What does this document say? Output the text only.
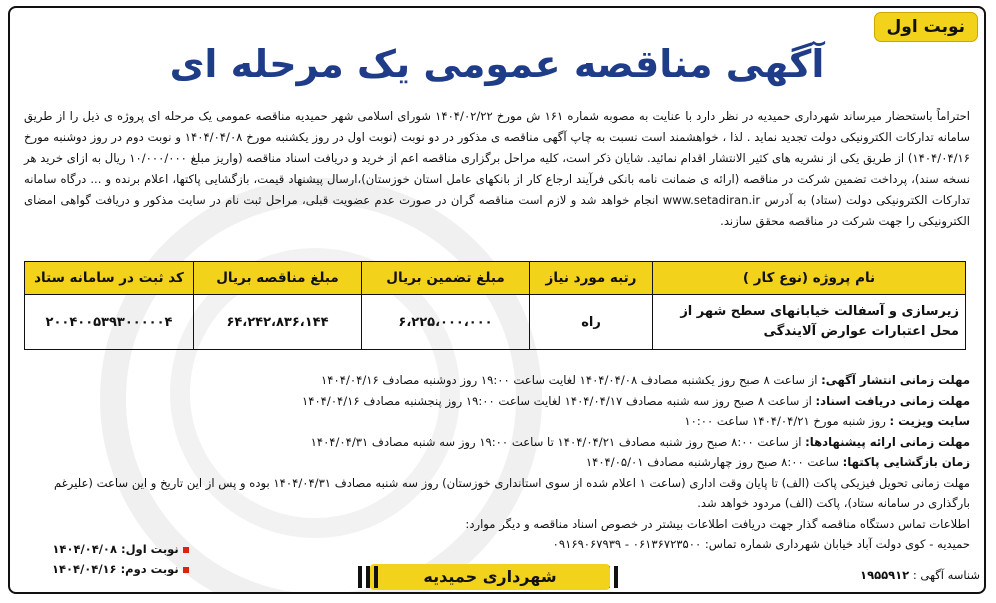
نوبت اول
آگهی مناقصه عمومی یک مرحله ای
احتراماً باستحضار میرساند شهرداری حمیدیه در نظر دارد با عنایت به مصوبه شماره ۱۶۱ ش مورخ ۱۴۰۴/۰۲/۲۲ شورای اسلامی شهر حمیدیه مناقصه عمومی یک مرحله ای پروژه ی ذیل را از طریق سامانه تدارکات الکترونیکی دولت تجدید نماید . لذا ، خواهشمند است نسبت به چاپ آگهی مناقصه ی مذکور در دو نوبت (نوبت اول در روز یکشنبه مورخ ۱۴۰۴/۰۴/۰۸ و نوبت دوم در روز دوشنبه مورخ ۱۴۰۴/۰۴/۱۶) از طریق یکی از نشریه های کثیر الانتشار اقدام نمائید. شایان ذکر است، کلیه مراحل برگزاری مناقصه اعم از خرید و دریافت اسناد مناقصه (واریز مبلغ ۱۰/۰۰۰/۰۰۰ ریال به ازای خرید هر نسخه سند)، پرداخت تضمین شرکت در مناقصه (ارائه ی ضمانت نامه بانکی فرآیند ارجاع کار از بانکهای عامل استان خوزستان)،ارسال پیشنهاد قیمت، بازگشایی پاکتها، اعلام برنده و ... درگاه سامانه تدارکات الکترونیکی دولت (ستاد) به آدرس www.setadiran.ir انجام خواهد شد و لازم است مناقصه گران در صورت عدم عضویت قبلی، مراحل ثبت نام در سایت مذکور و دریافت گواهی امضای الکترونیکی را جهت شرکت در مناقصه محقق سازند.
نام پروژه (نوع کار )	رتبه مورد نیاز	مبلغ تضمین بریال	مبلغ مناقصه بریال	کد ثبت در سامانه ستاد
زیرسازی و آسفالت خیابانهای سطح شهر از محل اعتبارات عوارض آلایندگی	راه	۶،۲۲۵،۰۰۰،۰۰۰	۶۴،۲۴۲،۸۳۶،۱۴۴	۲۰۰۴۰۰۵۳۹۳۰۰۰۰۰۴
مهلت زمانی انتشار آگهی: از ساعت ۸ صبح روز یکشنبه مصادف ۱۴۰۴/۰۴/۰۸ لغایت ساعت ۱۹:۰۰ روز دوشنبه مصادف ۱۴۰۴/۰۴/۱۶
مهلت زمانی دریافت اسناد: از ساعت ۸ صبح روز سه شنبه مصادف ۱۴۰۴/۰۴/۱۷ لغایت ساعت ۱۹:۰۰ روز پنجشنبه مصادف ۱۴۰۴/۰۴/۱۶
سایت ویزیت : روز شنبه مورخ ۱۴۰۴/۰۴/۲۱ ساعت ۱۰:۰۰
مهلت زمانی ارائه پیشنهادها: از ساعت ۸:۰۰ صبح روز شنبه مصادف ۱۴۰۴/۰۴/۲۱ تا ساعت ۱۹:۰۰ روز سه شنبه مصادف ۱۴۰۴/۰۴/۳۱
زمان بازگشایی پاکتها: ساعت ۸:۰۰ صبح روز چهارشنبه مصادف ۱۴۰۴/۰۵/۰۱
مهلت زمانی تحویل فیزیکی پاکت (الف) تا پایان وقت اداری (ساعت ۱ اعلام شده از سوی استانداری خوزستان) روز سه شنبه مصادف ۱۴۰۴/۰۴/۳۱ بوده و پس از این تاریخ و این ساعت (علیرغم بارگذاری در سامانه ستاد)، پاکت (الف) مردود خواهد شد.
اطلاعات تماس دستگاه مناقصه گذار جهت دریافت اطلاعات بیشتر در خصوص اسناد مناقصه و دیگر موارد:
حمیدیه - کوی دولت آباد خیابان شهرداری شماره تماس: ۰۶۱۳۶۷۲۳۵۰۰ - ۰۹۱۶۹۰۶۷۹۳۹
نوبت اول: ۱۴۰۴/۰۴/۰۸
نوبت دوم: ۱۴۰۴/۰۴/۱۶	شهرداری حمیدیه	شناسه آگهی : ۱۹۵۵۹۱۲
